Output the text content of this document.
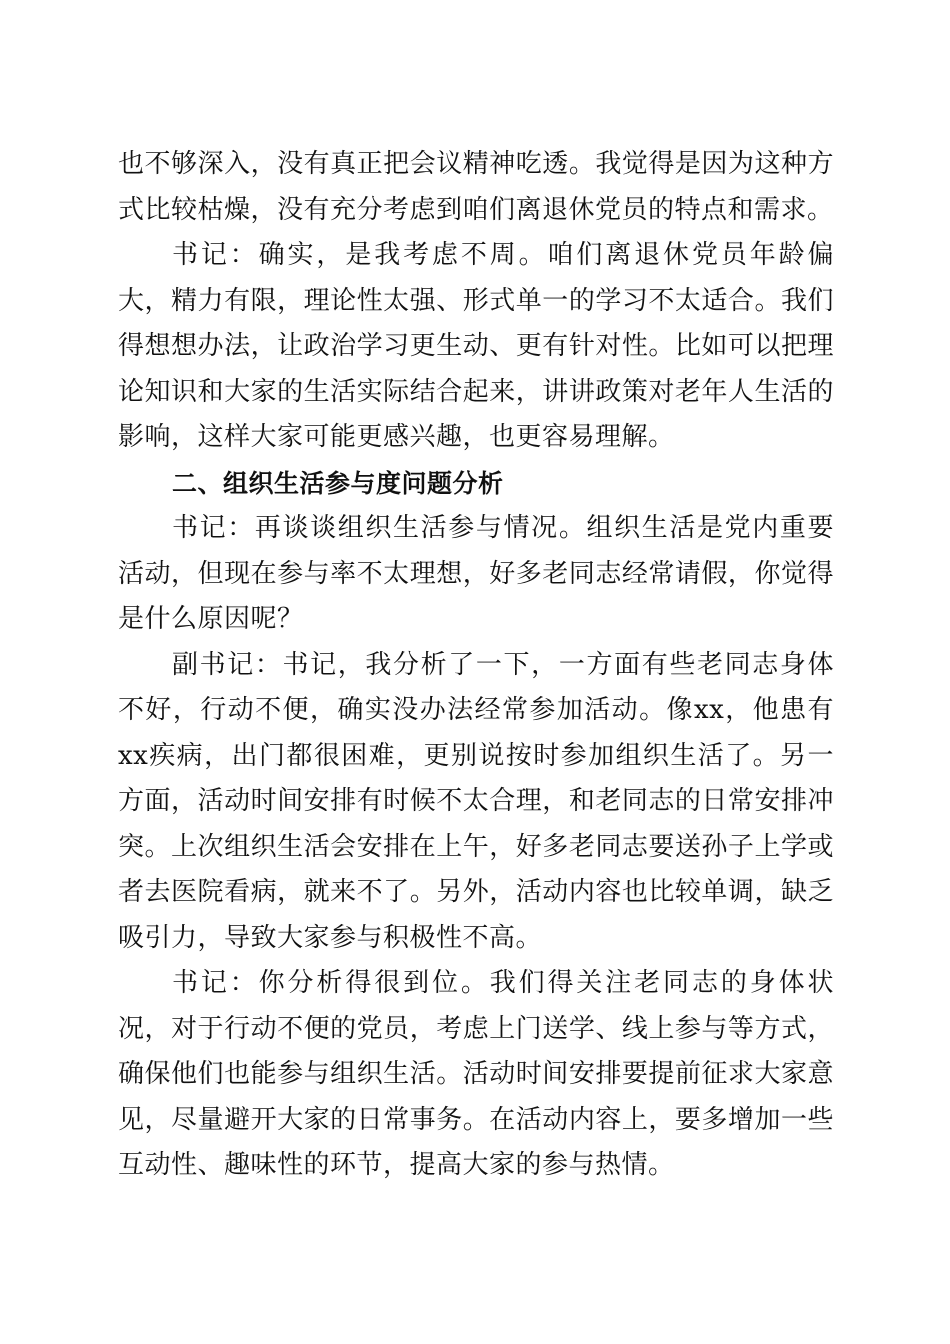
也不够深入，没有真正把会议精神吃透。我觉得是因为这种方式比较枯燥，没有充分考虑到咱们离退休党员的特点和需求。

书记：确实，是我考虑不周。咱们离退休党员年龄偏大，精力有限，理论性太强、形式单一的学习不太适合。我们得想想办法，让政治学习更生动、更有针对性。比如可以把理论知识和大家的生活实际结合起来，讲讲政策对老年人生活的影响，这样大家可能更感兴趣，也更容易理解。

二、组织生活参与度问题分析

书记：再谈谈组织生活参与情况。组织生活是党内重要活动，但现在参与率不太理想，好多老同志经常请假，你觉得是什么原因呢？

副书记：书记，我分析了一下，一方面有些老同志身体不好，行动不便，确实没办法经常参加活动。像xx，他患有xx疾病，出门都很困难，更别说按时参加组织生活了。另一方面，活动时间安排有时候不太合理，和老同志的日常安排冲突。上次组织生活会安排在上午，好多老同志要送孙子上学或者去医院看病，就来不了。另外，活动内容也比较单调，缺乏吸引力，导致大家参与积极性不高。

书记：你分析得很到位。我们得关注老同志的身体状况，对于行动不便的党员，考虑上门送学、线上参与等方式，确保他们也能参与组织生活。活动时间安排要提前征求大家意见，尽量避开大家的日常事务。在活动内容上，要多增加一些互动性、趣味性的环节，提高大家的参与热情。
